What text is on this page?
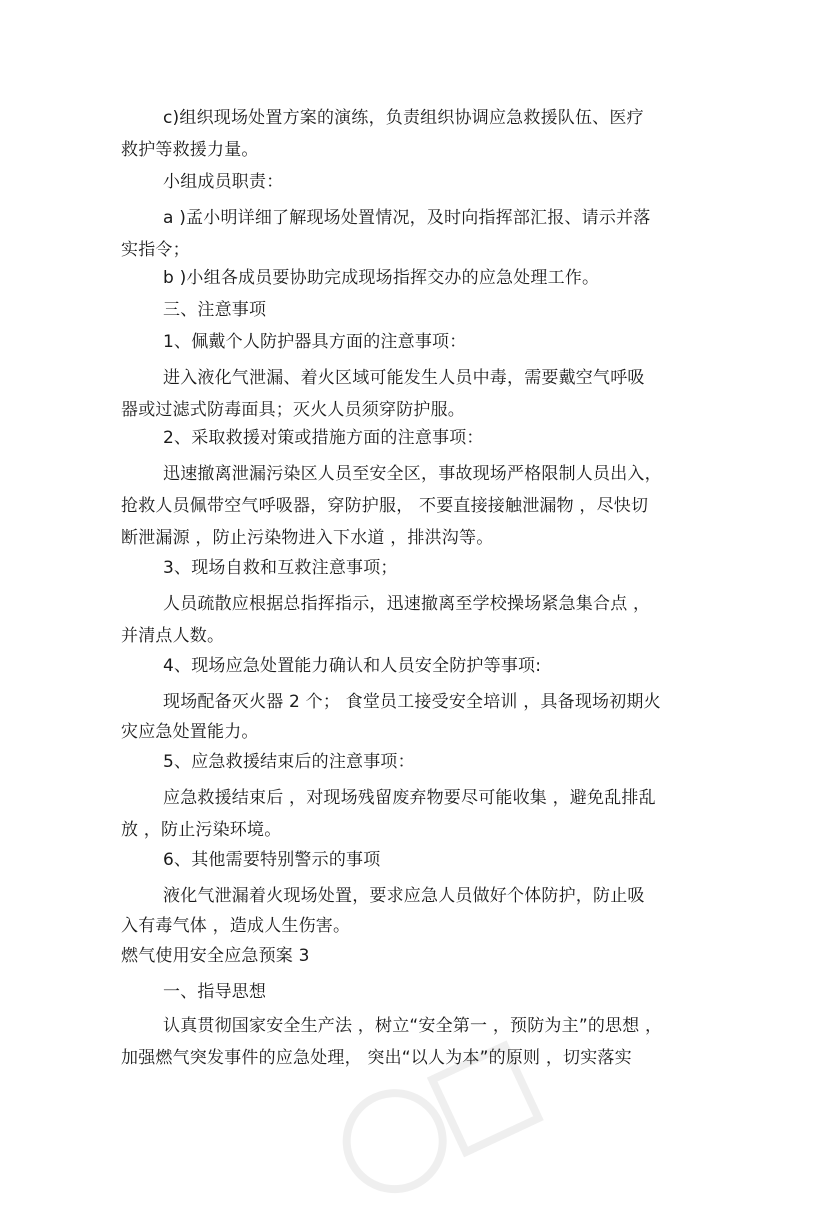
c)组织现场处置方案的演练，负责组织协调应急救援队伍、医疗
救护等救援力量。
小组成员职责：
a )孟小明详细了解现场处置情况，及时向指挥部汇报、请示并落
实指令；
b )小组各成员要协助完成现场指挥交办的应急处理工作。
三、注意事项
1、佩戴个人防护器具方面的注意事项：
进入液化气泄漏、着火区域可能发生人员中毒，需要戴空气呼吸
器或过滤式防毒面具；灭火人员须穿防护服。
2、采取救援对策或措施方面的注意事项：
迅速撤离泄漏污染区人员至安全区，事故现场严格限制人员出入，
抢救人员佩带空气呼吸器，穿防护服， 不要直接接触泄漏物 ，尽快切
断泄漏源 ，防止污染物进入下水道 ，排洪沟等。
3、现场自救和互救注意事项；
人员疏散应根据总指挥指示，迅速撤离至学校操场紧急集合点 ，
并清点人数。
4、现场应急处置能力确认和人员安全防护等事项:
现场配备灭火器 2 个； 食堂员工接受安全培训 ，具备现场初期火
灾应急处置能力。
5、应急救援结束后的注意事项：
应急救援结束后 ，对现场残留废弃物要尽可能收集 ，避免乱排乱
放 ，防止污染环境。
6、其他需要特别警示的事项
液化气泄漏着火现场处置，要求应急人员做好个体防护，防止吸
入有毒气体 ，造成人生伤害。
燃气使用安全应急预案 3
一、指导思想
认真贯彻国家安全生产法 ，树立“安全第一 ，预防为主”的思想 ，
加强燃气突发事件的应急处理， 突出“以人为本”的原则 ，切实落实
